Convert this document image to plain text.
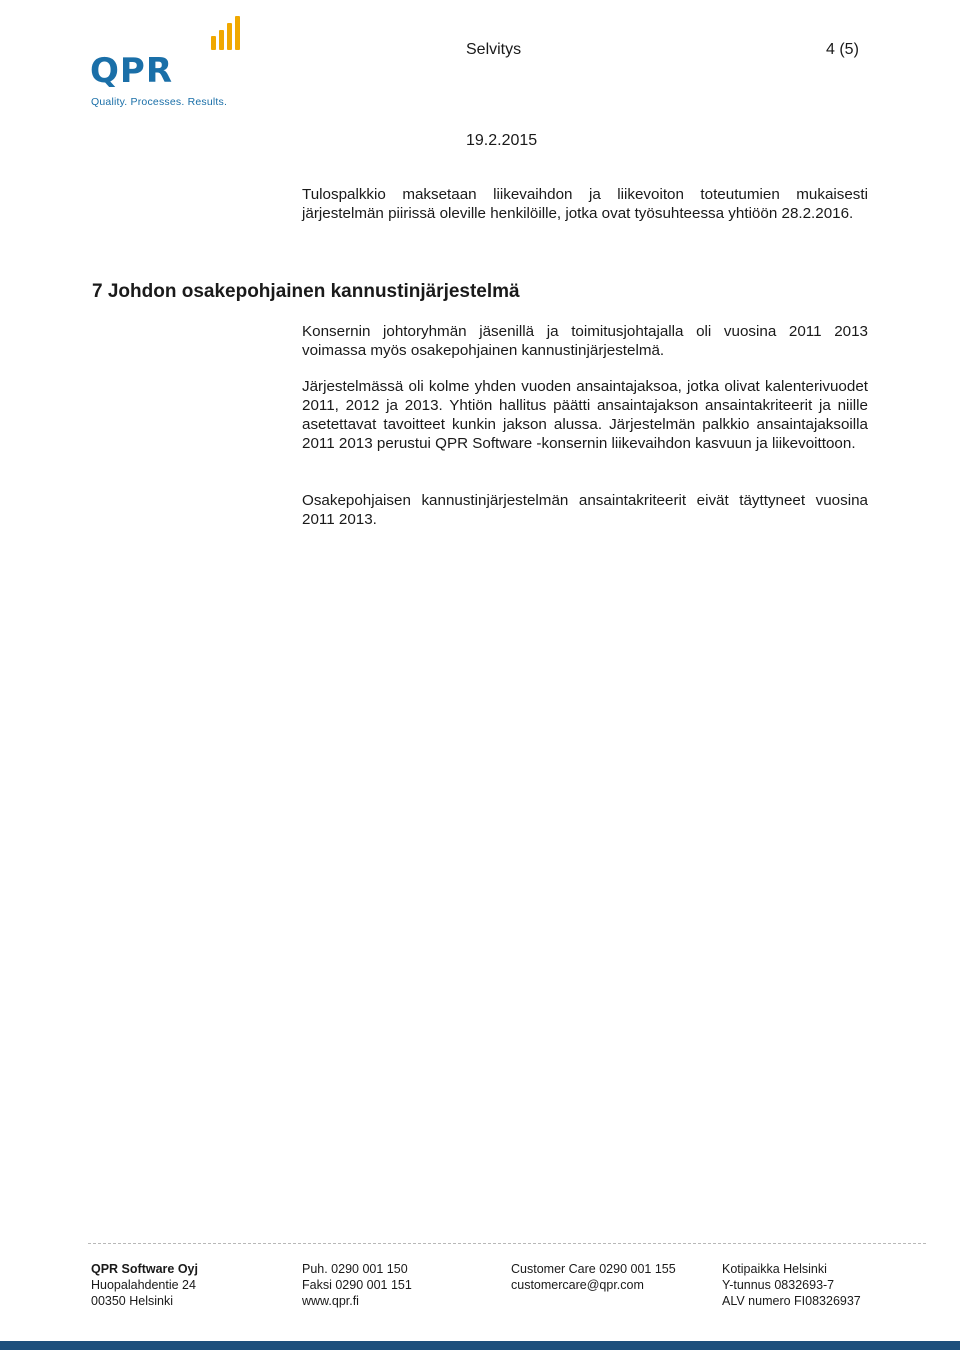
QPR
Quality. Processes. Results.
Selvitys	4 (5)
19.2.2015

Tulospalkkio maksetaan liikevaihdon ja liikevoiton toteutumien mukaisesti järjestelmän piirissä oleville henkilöille, jotka ovat työsuhteessa yhtiöön 28.2.2016.

7 Johdon osakepohjainen kannustinjärjestelmä

Konsernin johtoryhmän jäsenillä ja toimitusjohtajalla oli vuosina 2011 2013 voimassa myös osakepohjainen kannustinjärjestelmä.

Järjestelmässä oli kolme yhden vuoden ansaintajaksoa, jotka olivat kalenterivuodet 2011, 2012 ja 2013. Yhtiön hallitus päätti ansaintajakson ansaintakriteerit ja niille asetettavat tavoitteet kunkin jakson alussa. Järjestelmän palkkio ansaintajaksoilla 2011 2013 perustui QPR Software -konsernin liikevaihdon kasvuun ja liikevoittoon.

Osakepohjaisen kannustinjärjestelmän ansaintakriteerit eivät täyttyneet vuosina 2011 2013.

QPR Software Oyj
Huopalahdentie 24
00350 Helsinki
Puh. 0290 001 150
Faksi 0290 001 151
www.qpr.fi
Customer Care 0290 001 155
customercare@qpr.com
Kotipaikka Helsinki
Y-tunnus 0832693-7
ALV numero FI08326937
